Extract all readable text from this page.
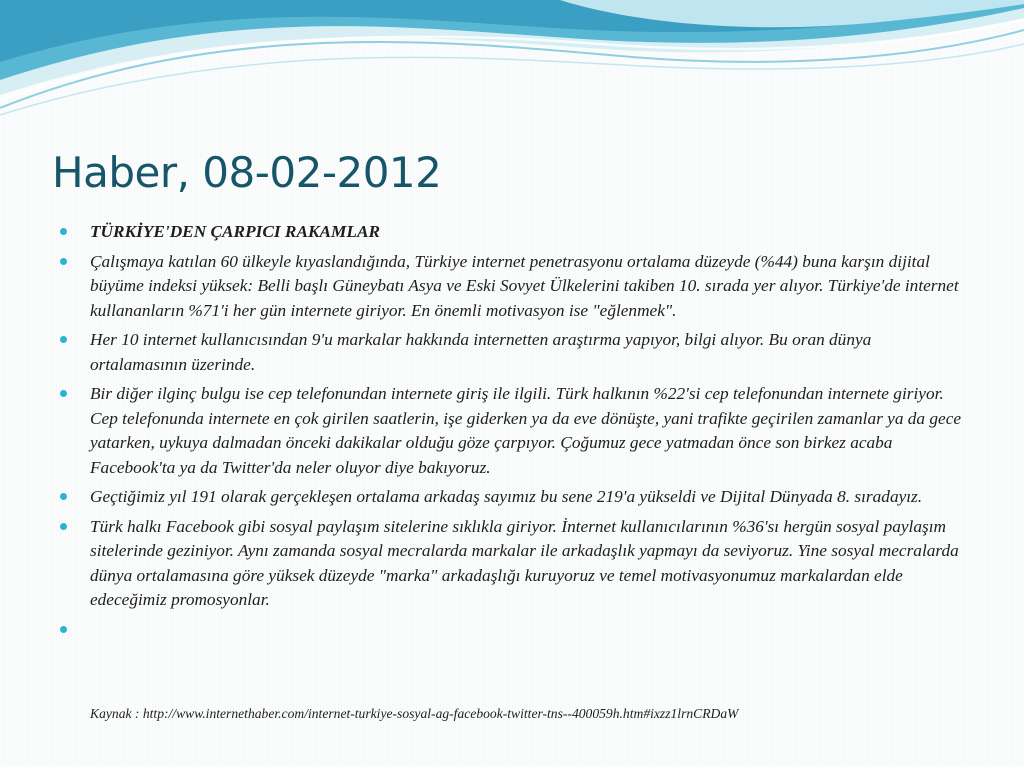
Haber, 08-02-2012
TÜRKİYE'DEN ÇARPICI RAKAMLAR
Çalışmaya katılan 60 ülkeyle kıyaslandığında, Türkiye internet penetrasyonu ortalama düzeyde (%44) buna karşın dijital büyüme indeksi yüksek: Belli başlı Güneybatı Asya ve Eski Sovyet Ülkelerini takiben 10. sırada yer alıyor. Türkiye'de internet kullananların %71'i her gün internete giriyor. En önemli motivasyon ise "eğlenmek".
Her 10 internet kullanıcısından 9'u markalar hakkında internetten araştırma yapıyor, bilgi alıyor. Bu oran dünya ortalamasının üzerinde.
Bir diğer ilginç bulgu ise cep telefonundan internete giriş ile ilgili. Türk halkının %22'si cep telefonundan internete giriyor. Cep telefonunda internete en çok girilen saatlerin, işe giderken ya da eve dönüşte, yani trafikte geçirilen zamanlar ya da gece yatarken, uykuya dalmadan önceki dakikalar olduğu göze çarpıyor. Çoğumuz gece yatmadan önce son birkez acaba Facebook'ta ya da Twitter'da neler oluyor diye bakıyoruz.
Geçtiğimiz yıl 191 olarak gerçekleşen ortalama arkadaş sayımız bu sene 219'a yükseldi ve Dijital Dünyada 8. sıradayız.
Türk halkı Facebook gibi sosyal paylaşım sitelerine sıklıkla giriyor. İnternet kullanıcılarının %36'sı hergün sosyal paylaşım sitelerinde geziniyor. Aynı zamanda sosyal mecralarda markalar ile arkadaşlık yapmayı da seviyoruz. Yine sosyal mecralarda dünya ortalamasına göre yüksek düzeyde "marka" arkadaşlığı kuruyoruz ve temel motivasyonumuz markalardan elde edeceğimiz promosyonlar.

Kaynak : http://www.internethaber.com/internet-turkiye-sosyal-ag-facebook-twitter-tns--400059h.htm#ixzz1lrnCRDaW
